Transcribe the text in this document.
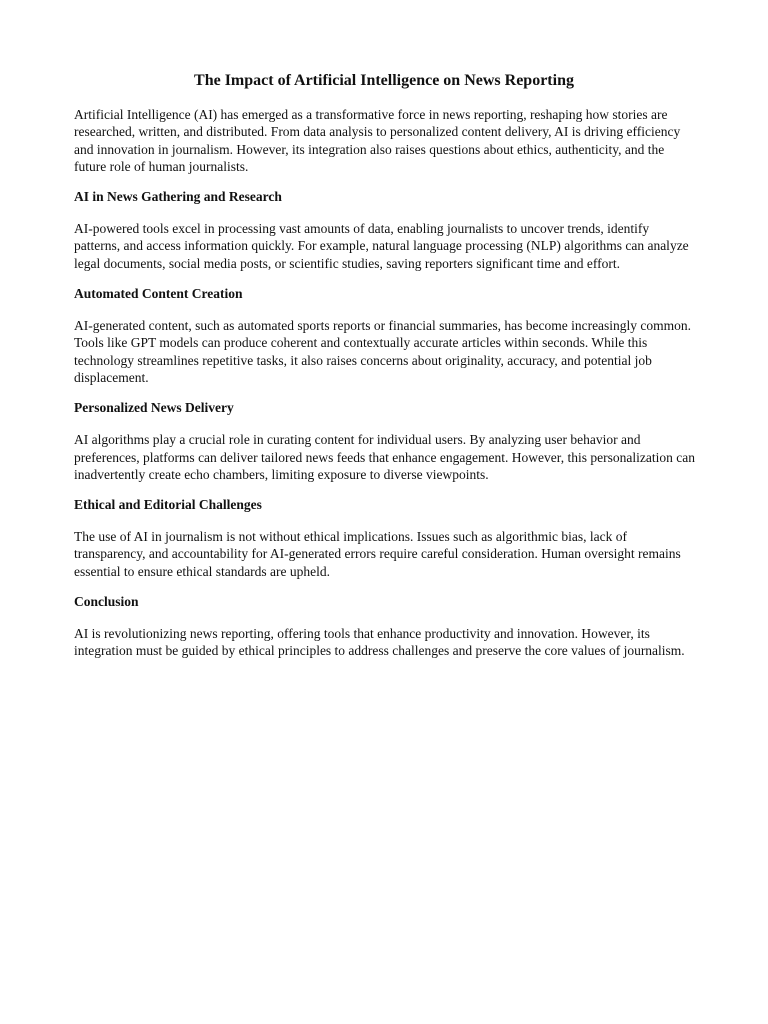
The Impact of Artificial Intelligence on News Reporting

Artificial Intelligence (AI) has emerged as a transformative force in news reporting, reshaping how stories are researched, written, and distributed. From data analysis to personalized content delivery, AI is driving efficiency and innovation in journalism. However, its integration also raises questions about ethics, authenticity, and the future role of human journalists.

AI in News Gathering and Research

AI-powered tools excel in processing vast amounts of data, enabling journalists to uncover trends, identify patterns, and access information quickly. For example, natural language processing (NLP) algorithms can analyze legal documents, social media posts, or scientific studies, saving reporters significant time and effort.

Automated Content Creation

AI-generated content, such as automated sports reports or financial summaries, has become increasingly common. Tools like GPT models can produce coherent and contextually accurate articles within seconds. While this technology streamlines repetitive tasks, it also raises concerns about originality, accuracy, and potential job displacement.

Personalized News Delivery

AI algorithms play a crucial role in curating content for individual users. By analyzing user behavior and preferences, platforms can deliver tailored news feeds that enhance engagement. However, this personalization can inadvertently create echo chambers, limiting exposure to diverse viewpoints.

Ethical and Editorial Challenges

The use of AI in journalism is not without ethical implications. Issues such as algorithmic bias, lack of transparency, and accountability for AI-generated errors require careful consideration. Human oversight remains essential to ensure ethical standards are upheld.

Conclusion

AI is revolutionizing news reporting, offering tools that enhance productivity and innovation. However, its integration must be guided by ethical principles to address challenges and preserve the core values of journalism.
